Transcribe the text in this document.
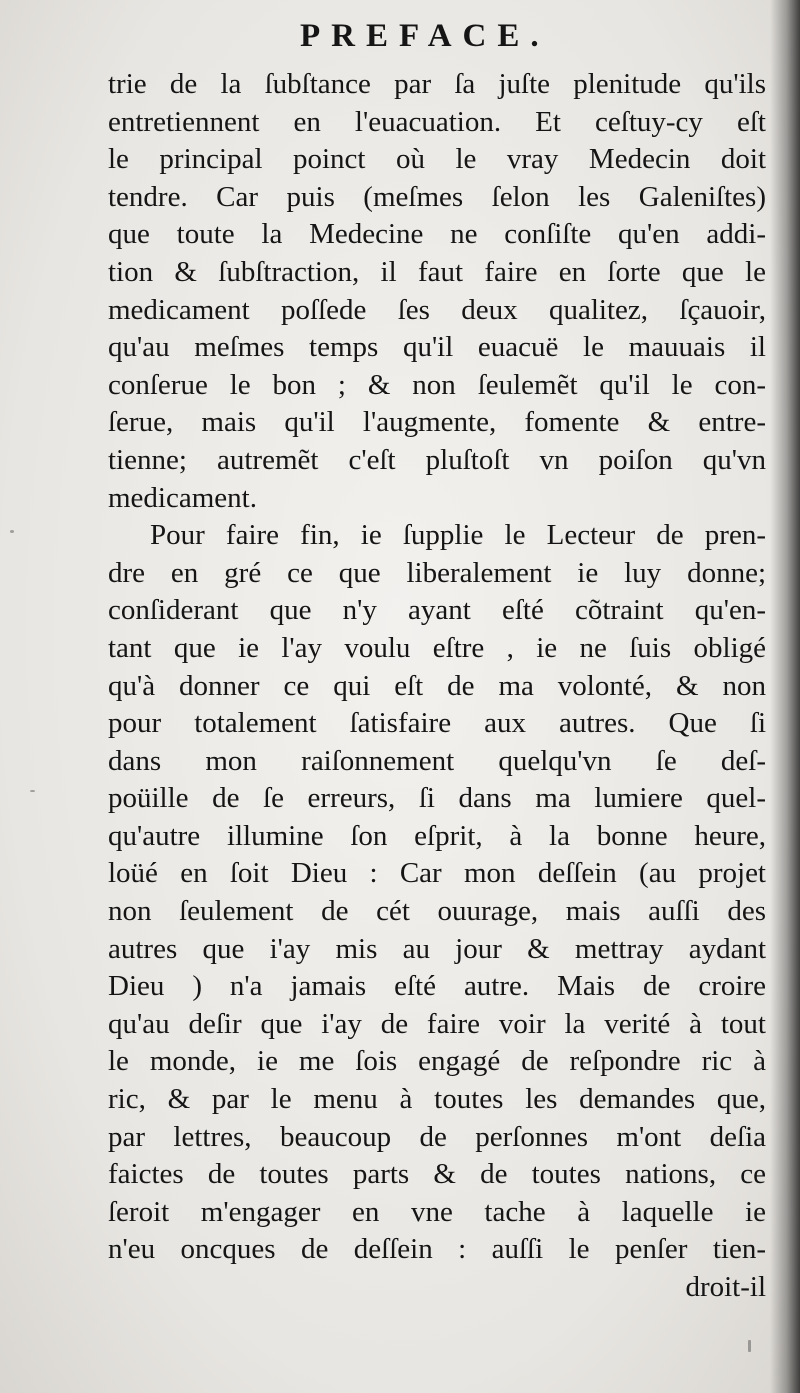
PREFACE.
trie de la ſubſtance par ſa juſte plenitude qu'ils
entretiennent en l'euacuation. Et ceſtuy-cy eſt
le principal poinct où le vray Medecin doit
tendre. Car puis (meſmes ſelon les Galeniſtes)
que toute la Medecine ne conſiſte qu'en addi-
tion & ſubſtraction, il faut faire en ſorte que le
medicament poſſede ſes deux qualitez, ſçauoir,
qu'au meſmes temps qu'il euacuë le mauuais il
conſerue le bon ; & non ſeulemẽt qu'il le con-
ſerue, mais qu'il l'augmente, fomente & entre-
tienne; autremẽt c'eſt pluſtoſt vn poiſon qu'vn
medicament.
Pour faire fin, ie ſupplie le Lecteur de pren-
dre en gré ce que liberalement ie luy donne;
conſiderant que n'y ayant eſté cõtraint qu'en-
tant que ie l'ay voulu eſtre , ie ne ſuis obligé
qu'à donner ce qui eſt de ma volonté, & non
pour totalement ſatisfaire aux autres. Que ſi
dans mon raiſonnement quelqu'vn ſe deſ-
poüille de ſe erreurs, ſi dans ma lumiere quel-
qu'autre illumine ſon eſprit, à la bonne heure,
loüé en ſoit Dieu : Car mon deſſein (au projet
non ſeulement de cét ouurage, mais auſſi des
autres que i'ay mis au jour & mettray aydant
Dieu ) n'a jamais eſté autre. Mais de croire
qu'au deſir que i'ay de faire voir la verité à tout
le monde, ie me ſois engagé de reſpondre ric à
ric, & par le menu à toutes les demandes que,
par lettres, beaucoup de perſonnes m'ont deſia
faictes de toutes parts & de toutes nations, ce
ſeroit m'engager en vne tache à laquelle ie
n'eu oncques de deſſein : auſſi le penſer tien-
droit-il
